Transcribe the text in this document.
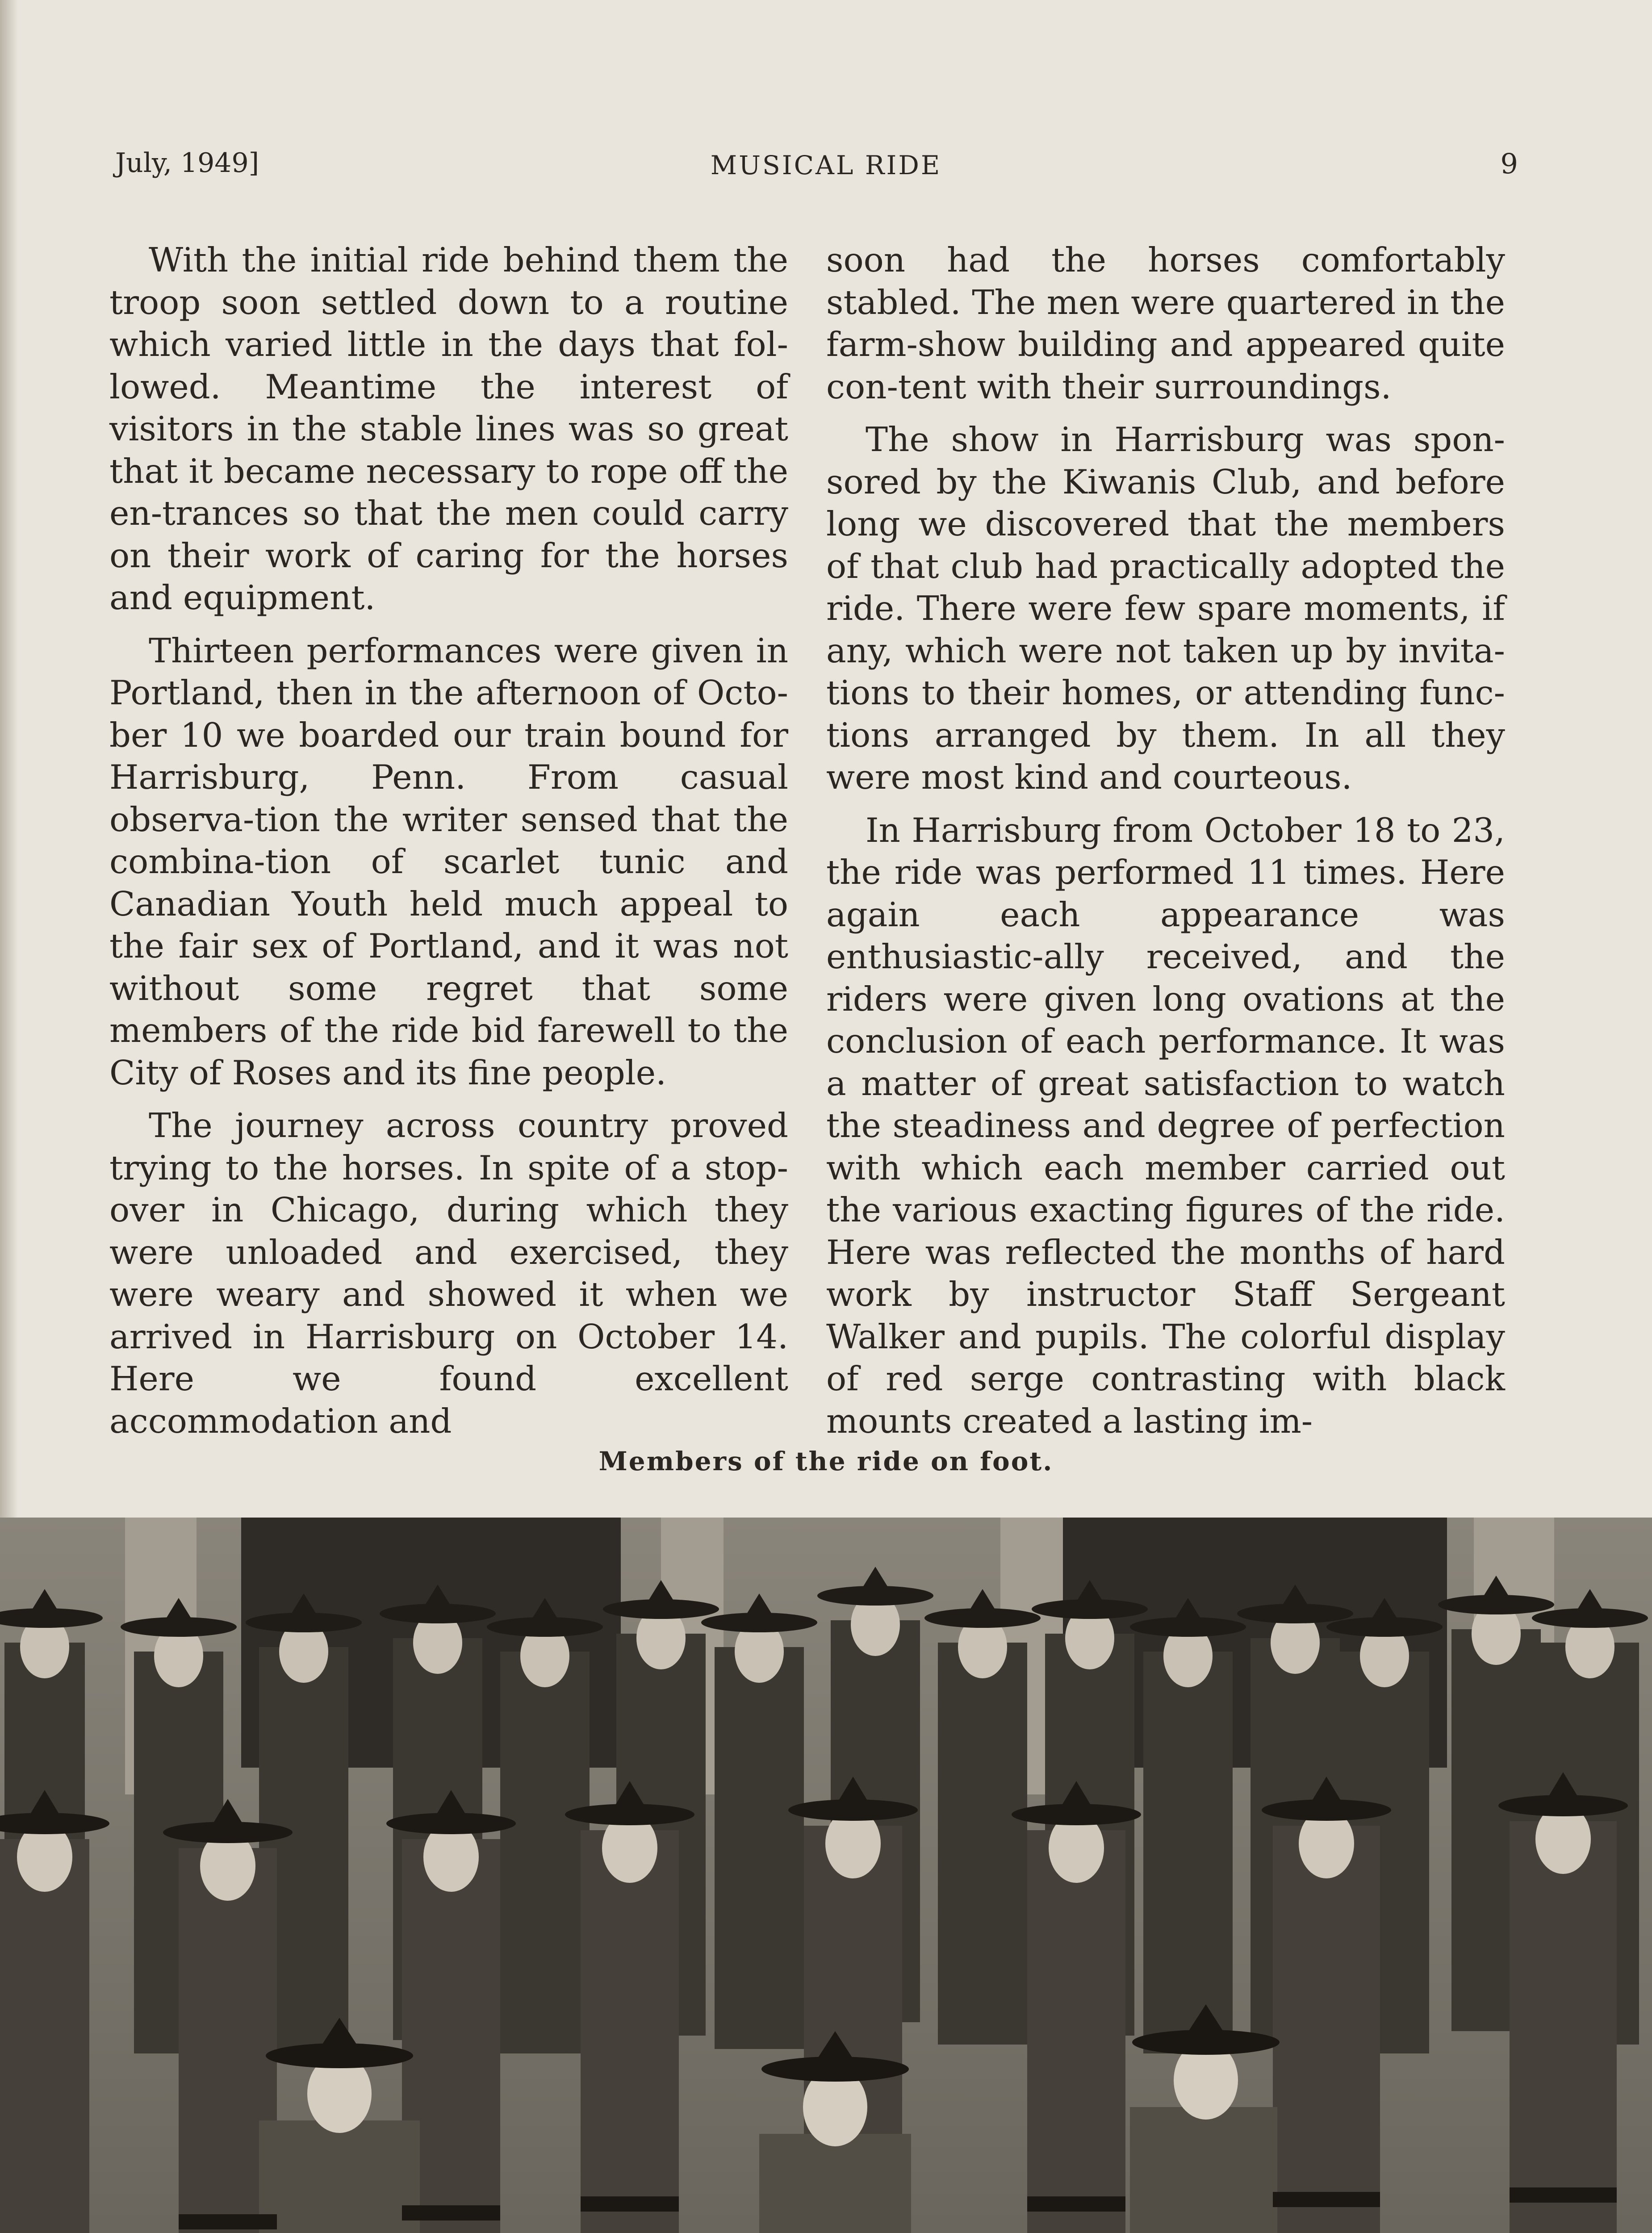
July, 1949]	MUSICAL RIDE	9

With the initial ride behind them the troop soon settled down to a routine which varied little in the days that fol-lowed. Meantime the interest of visitors in the stable lines was so great that it became necessary to rope off the en-trances so that the men could carry on their work of caring for the horses and equipment.

Thirteen performances were given in Portland, then in the afternoon of Octo-ber 10 we boarded our train bound for Harrisburg, Penn. From casual observa-tion the writer sensed that the combina-tion of scarlet tunic and Canadian Youth held much appeal to the fair sex of Portland, and it was not without some regret that some members of the ride bid farewell to the City of Roses and its fine people.

The journey across country proved trying to the horses. In spite of a stop-over in Chicago, during which they were unloaded and exercised, they were weary and showed it when we arrived in Harrisburg on October 14. Here we found excellent accommodation and

soon had the horses comfortably stabled. The men were quartered in the farm-show building and appeared quite con-tent with their surroundings.

The show in Harrisburg was spon-sored by the Kiwanis Club, and before long we discovered that the members of that club had practically adopted the ride. There were few spare moments, if any, which were not taken up by invita-tions to their homes, or attending func-tions arranged by them. In all they were most kind and courteous.

In Harrisburg from October 18 to 23, the ride was performed 11 times. Here again each appearance was enthusiastic-ally received, and the riders were given long ovations at the conclusion of each performance. It was a matter of great satisfaction to watch the steadiness and degree of perfection with which each member carried out the various exacting figures of the ride. Here was reflected the months of hard work by instructor Staff Sergeant Walker and pupils. The colorful display of red serge contrasting with black mounts created a lasting im-

Members of the ride on foot.
